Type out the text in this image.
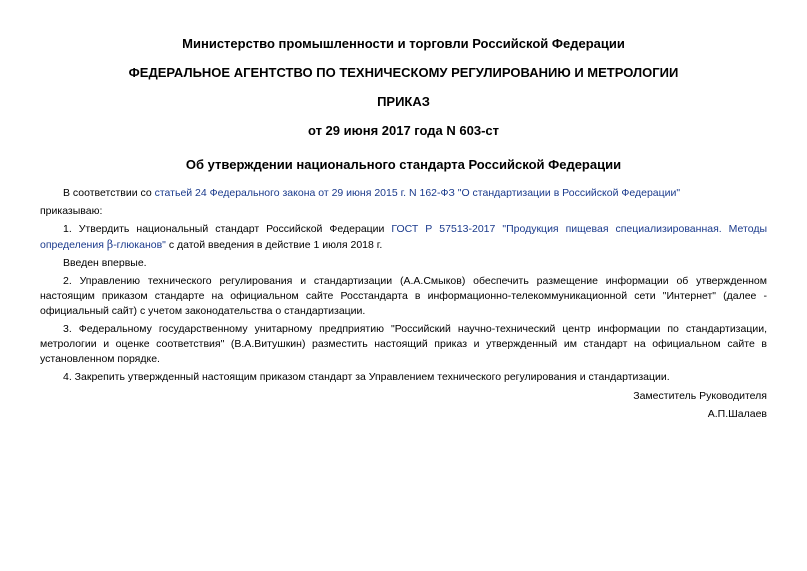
Министерство промышленности и торговли Российской Федерации

ФЕДЕРАЛЬНОЕ АГЕНТСТВО ПО ТЕХНИЧЕСКОМУ РЕГУЛИРОВАНИЮ И МЕТРОЛОГИИ

ПРИКАЗ

от 29 июня 2017 года N 603-ст

Об утверждении национального стандарта Российской Федерации

В соответствии со статьей 24 Федерального закона от 29 июня 2015 г. N 162-ФЗ "О стандартизации в Российской Федерации"

приказываю:

1. Утвердить национальный стандарт Российской Федерации ГОСТ Р 57513-2017 "Продукция пищевая специализированная. Методы определения β-глюканов" с датой введения в действие 1 июля 2018 г.

Введен впервые.

2. Управлению технического регулирования и стандартизации (А.А.Смыков) обеспечить размещение информации об утвержденном настоящим приказом стандарте на официальном сайте Росстандарта в информационно-телекоммуникационной сети "Интернет" (далее - официальный сайт) с учетом законодательства о стандартизации.

3. Федеральному государственному унитарному предприятию "Российский научно-технический центр информации по стандартизации, метрологии и оценке соответствия" (В.А.Витушкин) разместить настоящий приказ и утвержденный им стандарт на официальном сайте в установленном порядке.

4. Закрепить утвержденный настоящим приказом стандарт за Управлением технического регулирования и стандартизации.

Заместитель Руководителя
А.П.Шалаев
